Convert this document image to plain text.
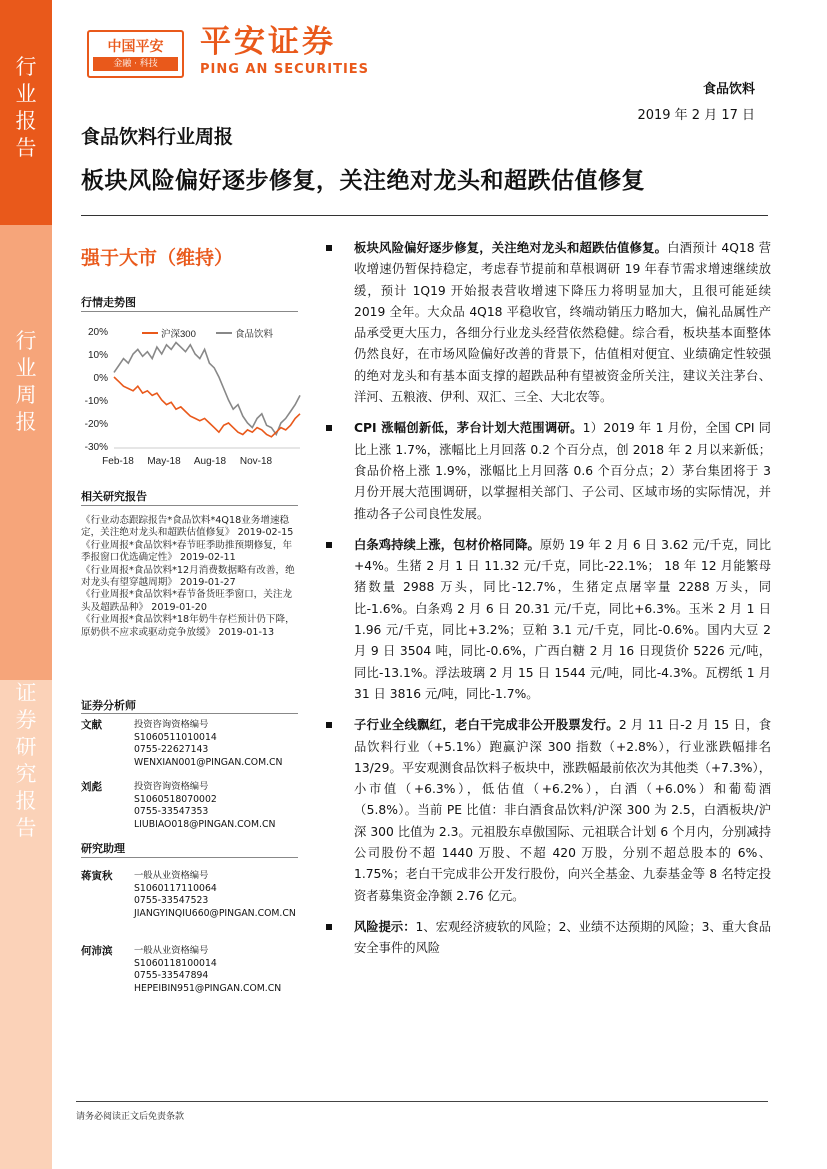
行
业
报
告
行
业
周
报
证
券
研
究
报
告
中国平安
金融 · 科技
平安证券
PING AN SECURITIES
食品饮料
2019 年 2 月 17 日
食品饮料行业周报
板块风险偏好逐步修复，关注绝对龙头和超跌估值修复
强于大市（维持）
行情走势图
20%
10%
0%
-10%
-20%
-30%
Feb-18 May-18 Aug-18 Nov-18
沪深300	食品饮料
相关研究报告

《行业动态跟踪报告*食品饮料*4Q18业务增速稳定，关注绝对龙头和超跌估值修复》 2019-02-15

《行业周报*食品饮料*春节旺季助推预期修复，年季报窗口优选确定性》 2019-02-11

《行业周报*食品饮料*12月消费数据略有改善，绝对龙头有望穿越周期》 2019-01-27

《行业周报*食品饮料*春节备货旺季窗口，关注龙头及超跌品种》 2019-01-20

《行业周报*食品饮料*18年奶牛存栏预计仍下降，原奶供不应求或驱动竞争放缓》 2019-01-13

证券分析师
文献	投资咨询资格编号
S1060511010014
0755-22627143
WENXIAN001@PINGAN.COM.CN
刘彪	投资咨询资格编号
S1060518070002
0755-33547353
LIUBIAO018@PINGAN.COM.CN
研究助理
蒋寅秋 一般从业资格编号
S1060117110064
0755-33547523
JIANGYINQIU660@PINGAN.COM.CN
何沛滨 一般从业资格编号
S1060118100014
0755-33547894
HEPEIBIN951@PINGAN.COM.CN
板块风险偏好逐步修复，关注绝对龙头和超跌估值修复。白酒预计 4Q18 营收增速仍暂保持稳定，考虑春节提前和草根调研 19 年春节需求增速继续放缓，预计 1Q19 开始报表营收增速下降压力将明显加大，且很可能延续 2019 全年。大众品 4Q18 平稳收官，终端动销压力略加大，偏礼品属性产品承受更大压力，各细分行业龙头经营依然稳健。综合看，板块基本面整体仍然良好，在市场风险偏好改善的背景下，估值相对便宜、业绩确定性较强的绝对龙头和有基本面支撑的超跌品种有望被资金所关注，建议关注茅台、洋河、五粮液、伊利、双汇、三全、大北农等。
CPI 涨幅创新低，茅台计划大范围调研。1）2019 年 1 月份，全国 CPI 同比上涨 1.7%，涨幅比上月回落 0.2 个百分点，创 2018 年 2 月以来新低；食品价格上涨 1.9%，涨幅比上月回落 0.6 个百分点；2）茅台集团将于 3 月份开展大范围调研，以掌握相关部门、子公司、区域市场的实际情况，并推动各子公司良性发展。
白条鸡持续上涨，包材价格同降。原奶 19 年 2 月 6 日 3.62 元/千克，同比+4%。生猪 2 月 1 日 11.32 元/千克，同比-22.1%； 18 年 12 月能繁母猪数量 2988 万头，同比-12.7%，生猪定点屠宰量 2288 万头，同比-1.6%。白条鸡 2 月 6 日 20.31 元/千克，同比+6.3%。玉米 2 月 1 日 1.96 元/千克，同比+3.2%；豆粕 3.1 元/千克，同比-0.6%。国内大豆 2 月 9 日 3504 吨，同比-0.6%，广西白糖 2 月 16 日现货价 5226 元/吨，同比-13.1%。浮法玻璃 2 月 15 日 1544 元/吨，同比-4.3%。瓦楞纸 1 月 31 日 3816 元/吨，同比-1.7%。
子行业全线飘红，老白干完成非公开股票发行。2 月 11 日-2 月 15 日，食品饮料行业（+5.1%）跑赢沪深 300 指数（+2.8%），行业涨跌幅排名 13/29。平安观测食品饮料子板块中，涨跌幅最前依次为其他类（+7.3%），小市值（+6.3%），低估值（+6.2%），白酒（+6.0%）和葡萄酒（5.8%）。当前 PE 比值：非白酒食品饮料/沪深 300 为 2.5，白酒板块/沪深 300 比值为 2.3。元祖股东卓傲国际、元祖联合计划 6 个月内，分别减持公司股份不超 1440 万股、不超 420 万股，分别不超总股本的 6%、1.75%；老白干完成非公开发行股份，向兴全基金、九泰基金等 8 名特定投资者募集资金净额 2.76 亿元。
风险提示：1、宏观经济疲软的风险；2、业绩不达预期的风险；3、重大食品安全事件的风险
请务必阅读正文后免责条款
